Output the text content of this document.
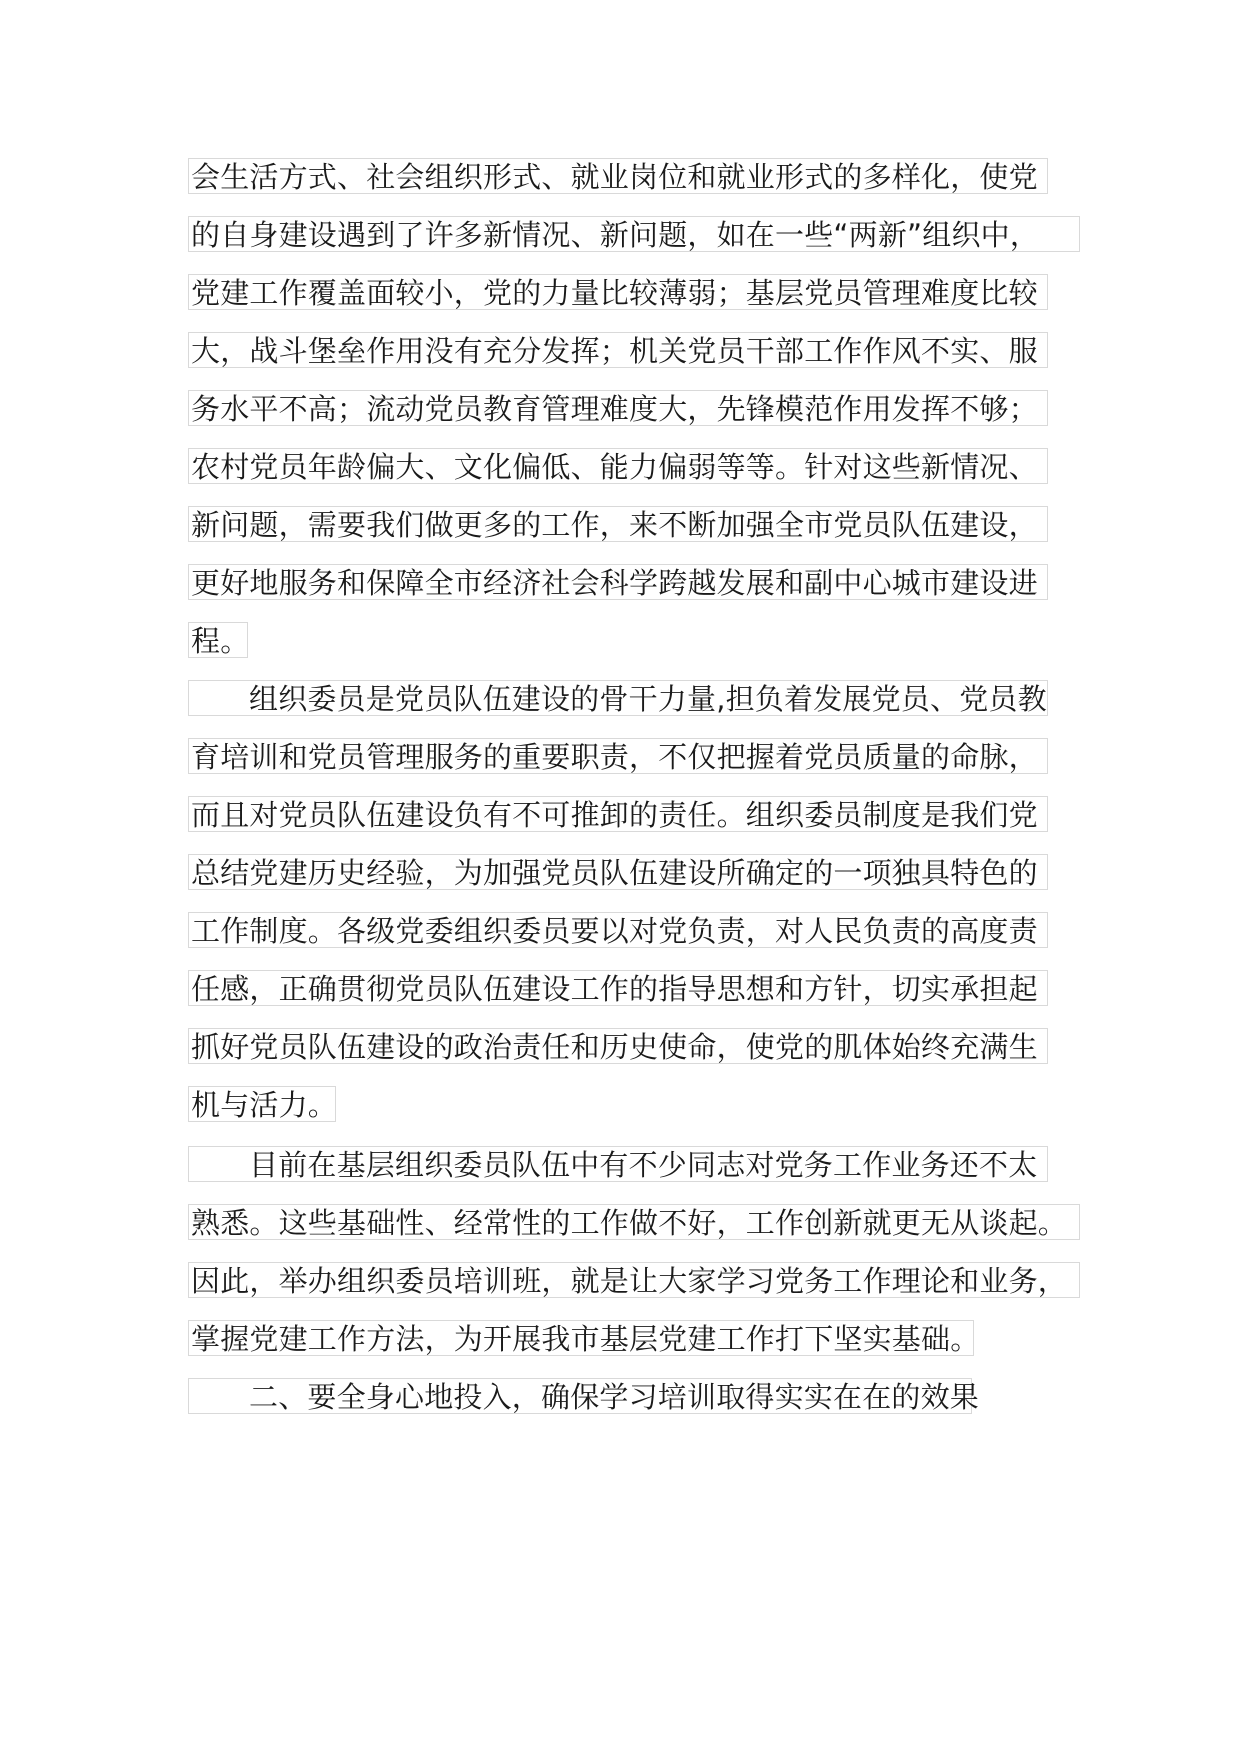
会生活方式、社会组织形式、就业岗位和就业形式的多样化，使党
的自身建设遇到了许多新情况、新问题，如在一些“两新”组织中，
党建工作覆盖面较小，党的力量比较薄弱；基层党员管理难度比较
大，战斗堡垒作用没有充分发挥；机关党员干部工作作风不实、服
务水平不高；流动党员教育管理难度大，先锋模范作用发挥不够；
农村党员年龄偏大、文化偏低、能力偏弱等等。针对这些新情况、
新问题，需要我们做更多的工作，来不断加强全市党员队伍建设，
更好地服务和保障全市经济社会科学跨越发展和副中心城市建设进
程。
组织委员是党员队伍建设的骨干力量,担负着发展党员、党员教
育培训和党员管理服务的重要职责，不仅把握着党员质量的命脉，
而且对党员队伍建设负有不可推卸的责任。组织委员制度是我们党
总结党建历史经验，为加强党员队伍建设所确定的一项独具特色的
工作制度。各级党委组织委员要以对党负责，对人民负责的高度责
任感，正确贯彻党员队伍建设工作的指导思想和方针，切实承担起
抓好党员队伍建设的政治责任和历史使命，使党的肌体始终充满生
机与活力。
目前在基层组织委员队伍中有不少同志对党务工作业务还不太
熟悉。这些基础性、经常性的工作做不好，工作创新就更无从谈起。
因此，举办组织委员培训班，就是让大家学习党务工作理论和业务，
掌握党建工作方法，为开展我市基层党建工作打下坚实基础。
二、要全身心地投入，确保学习培训取得实实在在的效果
